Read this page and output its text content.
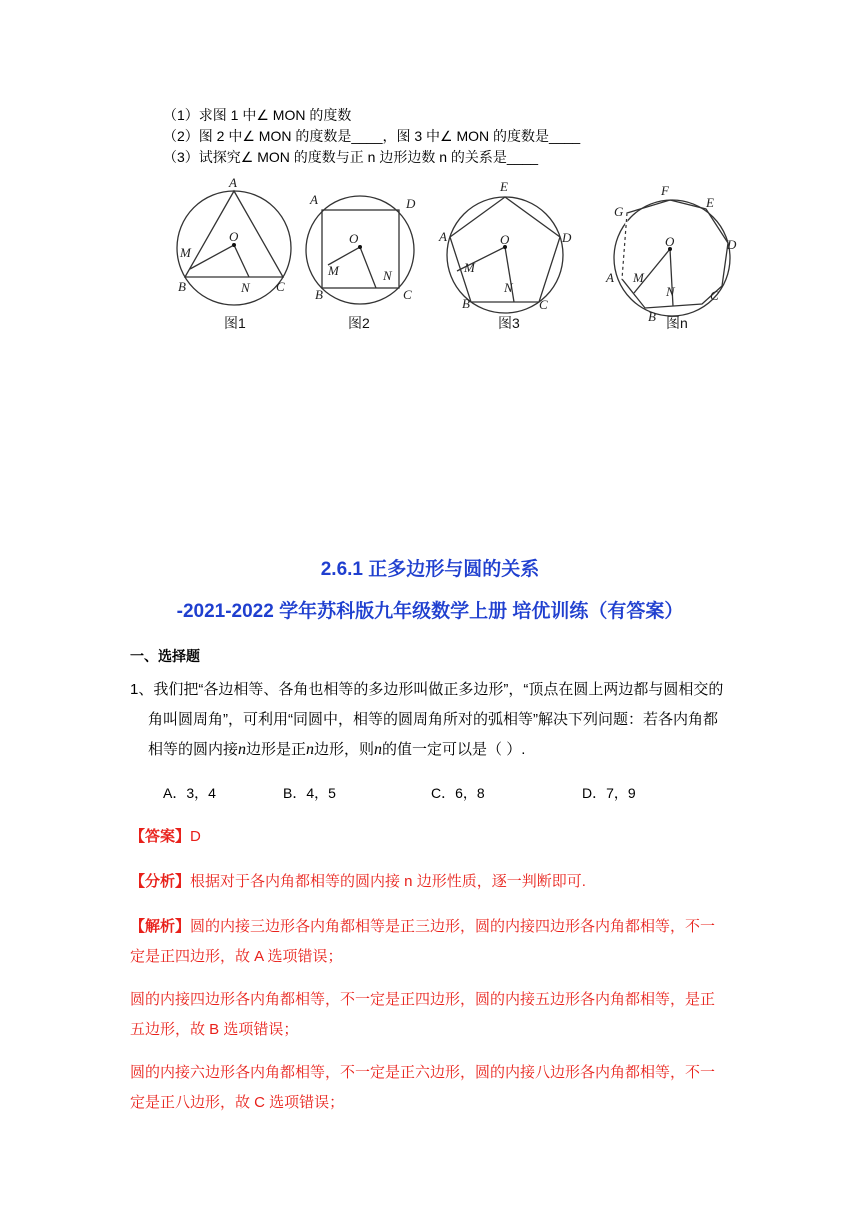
（1）求图 1 中∠ MON 的度数
（2）图 2 中∠ MON 的度数是____，图 3 中∠ MON 的度数是____
（3）试探究∠ MON 的度数与正 n 边形边数 n 的关系是____
A
B	C
M
N
O
A
B	C
D
M	N
O	A
B	C
D
E
M
N
O
A
B
C
D
E
F
G
M
N
O
图1	图2	图3	图n
2.6.1 正多边形与圆的关系
-2021-2022 学年苏科版九年级数学上册 培优训练（有答案）
一、选择题
1、我们把“各边相等、各角也相等的多边形叫做正多边形”，“顶点在圆上两边都与圆相交的
角叫圆周角”，可利用“同圆中，相等的圆周角所对的弧相等”解决下列问题：若各内角都
相等的圆内接n边形是正n边形，则n的值一定可以是（ ）.
A．3，4	B．4，5	C．6，8	D．7，9
【答案】D
【分析】根据对于各内角都相等的圆内接 n 边形性质，逐一判断即可.
【解析】圆的内接三边形各内角都相等是正三边形，圆的内接四边形各内角都相等，不一
定是正四边形，故 A 选项错误；
圆的内接四边形各内角都相等，不一定是正四边形，圆的内接五边形各内角都相等，是正
五边形，故 B 选项错误；
圆的内接六边形各内角都相等，不一定是正六边形，圆的内接八边形各内角都相等，不一
定是正八边形，故 C 选项错误；
